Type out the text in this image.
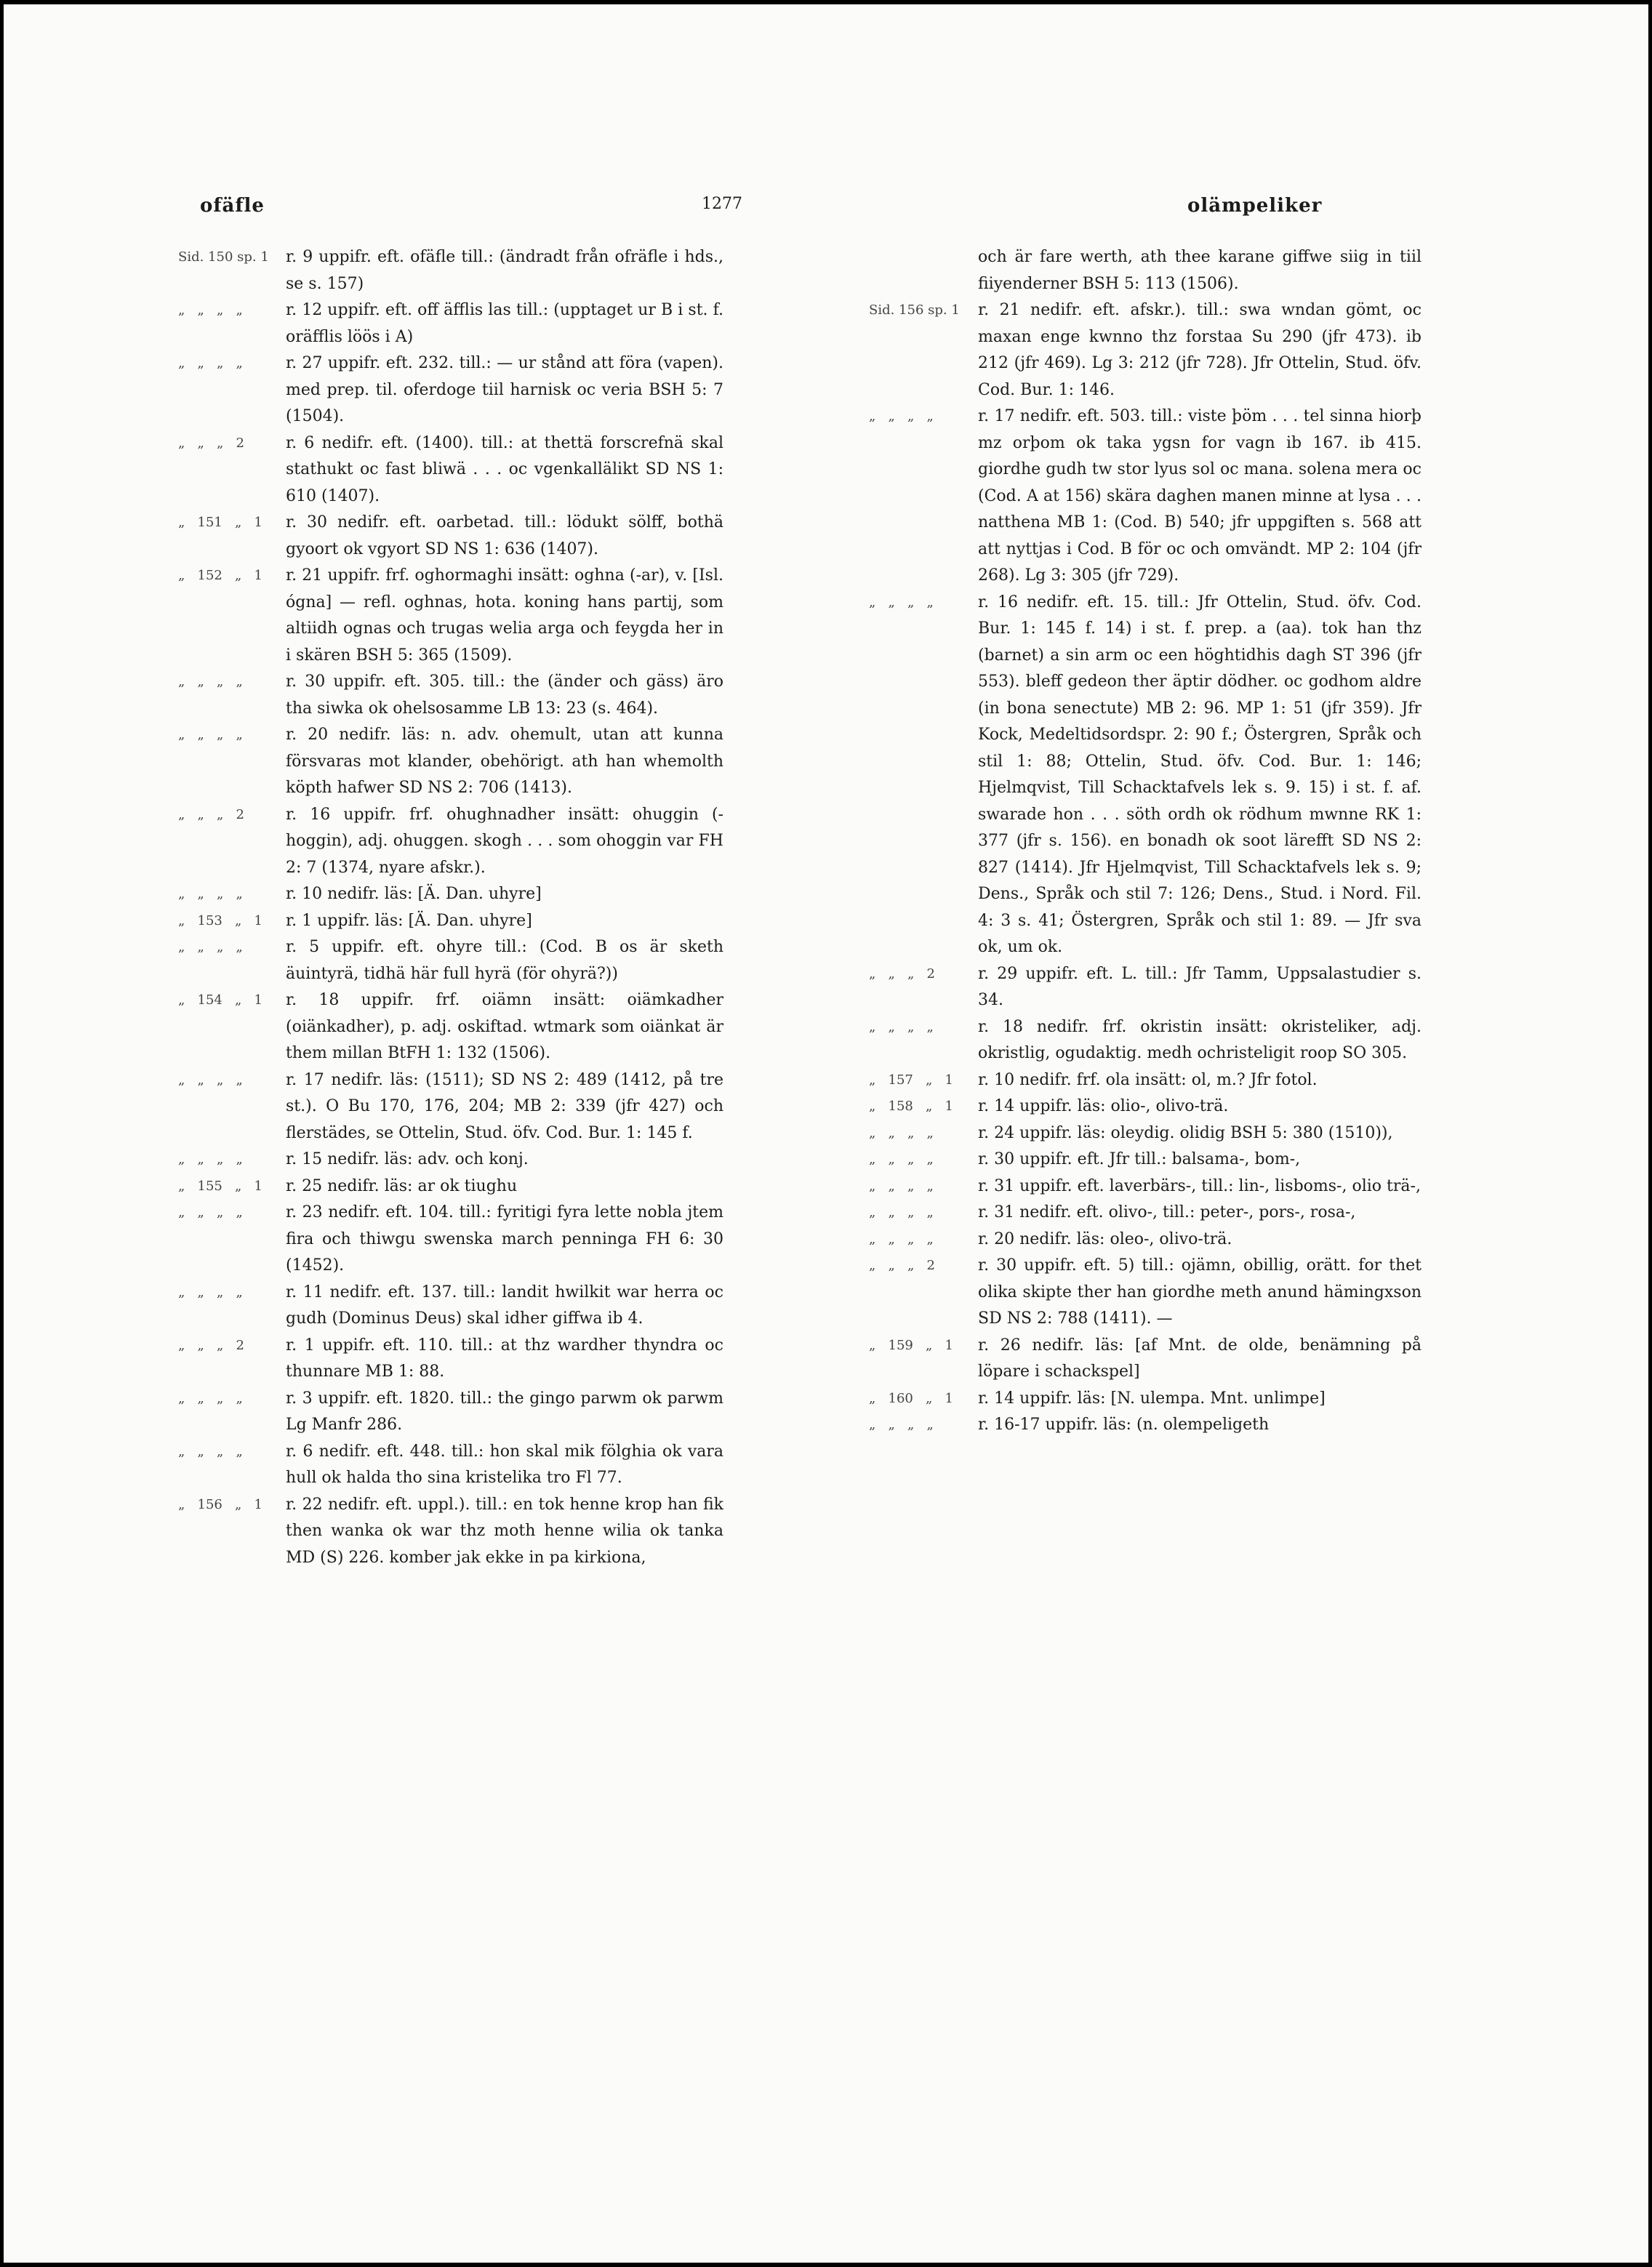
ofäfle	1277	olämpeliker
Sid. 150 sp. 1	r. 9 uppifr. eft. ofäfle till.: (ändradt från ofräfle i hds., se s. 157)
„   „   „   „	r. 12 uppifr. eft. off äfflis las till.: (upptaget ur B i st. f. oräfflis löös i A)
„   „   „   „	r. 27 uppifr. eft. 232. till.: — ur stånd att föra (vapen). med prep. til. oferdoge tiil harnisk oc veria BSH 5: 7 (1504).
„   „   „   2	r. 6 nedifr. eft. (1400). till.: at thettä forscrefnä skal stathukt oc fast bliwä . . . oc vgenkallälikt SD NS 1: 610 (1407).
„   151   „   1	r. 30 nedifr. eft. oarbetad. till.: lödukt sölff, bothä gyoort ok vgyort SD NS 1: 636 (1407).
„   152   „   1	r. 21 uppifr. frf. oghormaghi insätt: oghna (-ar), v. [Isl. ógna] — refl. oghnas, hota. koning hans partij, som altiidh ognas och trugas welia arga och feygda her in i skären BSH 5: 365 (1509).
„   „   „   „	r. 30 uppifr. eft. 305. till.: the (änder och gäss) äro tha siwka ok ohelsosamme LB 13: 23 (s. 464).
„   „   „   „	r. 20 nedifr. läs: n. adv. ohemult, utan att kunna försvaras mot klander, obehörigt. ath han whemolth köpth hafwer SD NS 2: 706 (1413).
„   „   „   2	r. 16 uppifr. frf. ohughnadher insätt: ohuggin (-hoggin), adj. ohuggen. skogh . . . som ohoggin var FH 2: 7 (1374, nyare afskr.).
„   „   „   „	r. 10 nedifr. läs: [Ä. Dan. uhyre]
„   153   „   1	r. 1 uppifr. läs: [Ä. Dan. uhyre]
„   „   „   „	r. 5 uppifr. eft. ohyre till.: (Cod. B os är sketh äuintyrä, tidhä här full hyrä (för ohyrä?))
„   154   „   1	r. 18 uppifr. frf. oiämn insätt: oiämkadher (oiänkadher), p. adj. oskiftad. wtmark som oiänkat är them millan BtFH 1: 132 (1506).
„   „   „   „	r. 17 nedifr. läs: (1511); SD NS 2: 489 (1412, på tre st.). O Bu 170, 176, 204; MB 2: 339 (jfr 427) och flerstädes, se Ottelin, Stud. öfv. Cod. Bur. 1: 145 f.
„   „   „   „	r. 15 nedifr. läs: adv. och konj.
„   155   „   1	r. 25 nedifr. läs: ar ok tiughu
„   „   „   „	r. 23 nedifr. eft. 104. till.: fyritigi fyra lette nobla jtem fira och thiwgu swenska march penninga FH 6: 30 (1452).
„   „   „   „	r. 11 nedifr. eft. 137. till.: landit hwilkit war herra oc gudh (Dominus Deus) skal idher giffwa ib 4.
„   „   „   2	r. 1 uppifr. eft. 110. till.: at thz wardher thyndra oc thunnare MB 1: 88.
„   „   „   „	r. 3 uppifr. eft. 1820. till.: the gingo parwm ok parwm Lg Manfr 286.
„   „   „   „	r. 6 nedifr. eft. 448. till.: hon skal mik fölghia ok vara hull ok halda tho sina kristelika tro Fl 77.
„   156   „   1	r. 22 nedifr. eft. uppl.). till.: en tok henne krop han fik then wanka ok war thz moth henne wilia ok tanka MD (S) 226. komber jak ekke in pa kirkiona,
och är fare werth, ath thee karane giffwe siig in tiil fiiyenderner BSH 5: 113 (1506).
Sid. 156 sp. 1	r. 21 nedifr. eft. afskr.). till.: swa wndan gömt, oc maxan enge kwnno thz forstaa Su 290 (jfr 473). ib 212 (jfr 469). Lg 3: 212 (jfr 728). Jfr Ottelin, Stud. öfv. Cod. Bur. 1: 146.
„   „   „   „	r. 17 nedifr. eft. 503. till.: viste þöm . . . tel sinna hiorþ mz orþom ok taka ygsn for vagn ib 167. ib 415. giordhe gudh tw stor lyus sol oc mana. solena mera oc (Cod. A at 156) skära daghen manen minne at lysa . . . natthena MB 1: (Cod. B) 540; jfr uppgiften s. 568 att att nyttjas i Cod. B för oc och omvändt. MP 2: 104 (jfr 268). Lg 3: 305 (jfr 729).
„   „   „   „	r. 16 nedifr. eft. 15. till.: Jfr Ottelin, Stud. öfv. Cod. Bur. 1: 145 f. 14) i st. f. prep. a (aa). tok han thz (barnet) a sin arm oc een höghtidhis dagh ST 396 (jfr 553). bleff gedeon ther äptir dödher. oc godhom aldre (in bona senectute) MB 2: 96. MP 1: 51 (jfr 359). Jfr Kock, Medeltidsordspr. 2: 90 f.; Östergren, Språk och stil 1: 88; Ottelin, Stud. öfv. Cod. Bur. 1: 146; Hjelmqvist, Till Schacktafvels lek s. 9. 15) i st. f. af. swarade hon . . . söth ordh ok rödhum mwnne RK 1: 377 (jfr s. 156). en bonadh ok soot lärefft SD NS 2: 827 (1414). Jfr Hjelmqvist, Till Schacktafvels lek s. 9; Dens., Språk och stil 7: 126; Dens., Stud. i Nord. Fil. 4: 3 s. 41; Östergren, Språk och stil 1: 89. — Jfr sva ok, um ok.
„   „   „   2	r. 29 uppifr. eft. L. till.: Jfr Tamm, Uppsalastudier s. 34.
„   „   „   „	r. 18 nedifr. frf. okristin insätt: okristeliker, adj. okristlig, ogudaktig. medh ochristeligit roop SO 305.
„   157   „   1	r. 10 nedifr. frf. ola insätt: ol, m.? Jfr fotol.
„   158   „   1	r. 14 uppifr. läs: olio-, olivo-trä.
„   „   „   „	r. 24 uppifr. läs: oleydig. olidig BSH 5: 380 (1510)),
„   „   „   „	r. 30 uppifr. eft. Jfr till.: balsama-, bom-,
„   „   „   „	r. 31 uppifr. eft. laverbärs-, till.: lin-, lisboms-, olio trä-,
„   „   „   „	r. 31 nedifr. eft. olivo-, till.: peter-, pors-, rosa-,
„   „   „   „	r. 20 nedifr. läs: oleo-, olivo-trä.
„   „   „   2	r. 30 uppifr. eft. 5) till.: ojämn, obillig, orätt. for thet olika skipte ther han giordhe meth anund hämingxson SD NS 2: 788 (1411). —
„   159   „   1	r. 26 nedifr. läs: [af Mnt. de olde, benämning på löpare i schackspel]
„   160   „   1	r. 14 uppifr. läs: [N. ulempa. Mnt. unlimpe]
„   „   „   „	r. 16-17 uppifr. läs: (n. olempeligeth
